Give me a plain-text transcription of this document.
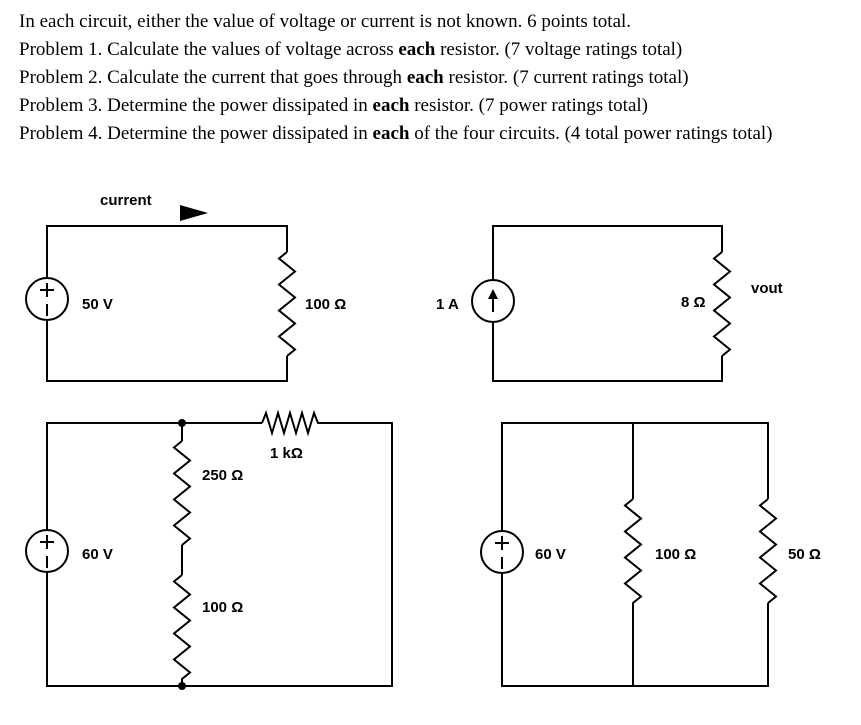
In each circuit, either the value of voltage or current is not known. 6 points total.
Problem 1. Calculate the values of voltage across each resistor. (7 voltage ratings total)
Problem 2. Calculate the current that goes through each resistor. (7 current ratings total)
Problem 3. Determine the power dissipated in each resistor. (7 power ratings total)
Problem 4. Determine the power dissipated in each of the four circuits. (4 total power ratings total)
current
50 V	100 Ω	1 A	8 Ω
vout
60 V
1 kΩ
250 Ω
100 Ω
60 V	100 Ω	50 Ω
